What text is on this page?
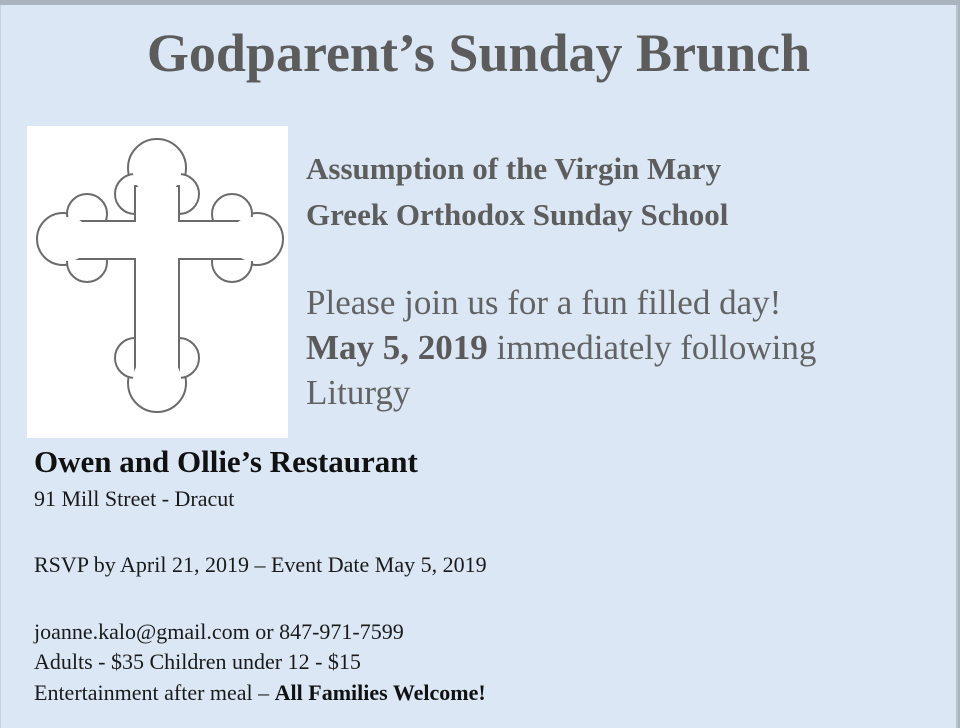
Godparent’s Sunday Brunch
Assumption of the Virgin Mary
Greek Orthodox Sunday School
Please join us for a fun filled day!
May 5, 2019 immediately following
Liturgy
Owen and Ollie’s Restaurant
91 Mill Street - Dracut
RSVP by April 21, 2019 – Event Date May 5, 2019
joanne.kalo@gmail.com or 847-971-7599
Adults - $35 Children under 12 - $15
Entertainment after meal – All Families Welcome!
